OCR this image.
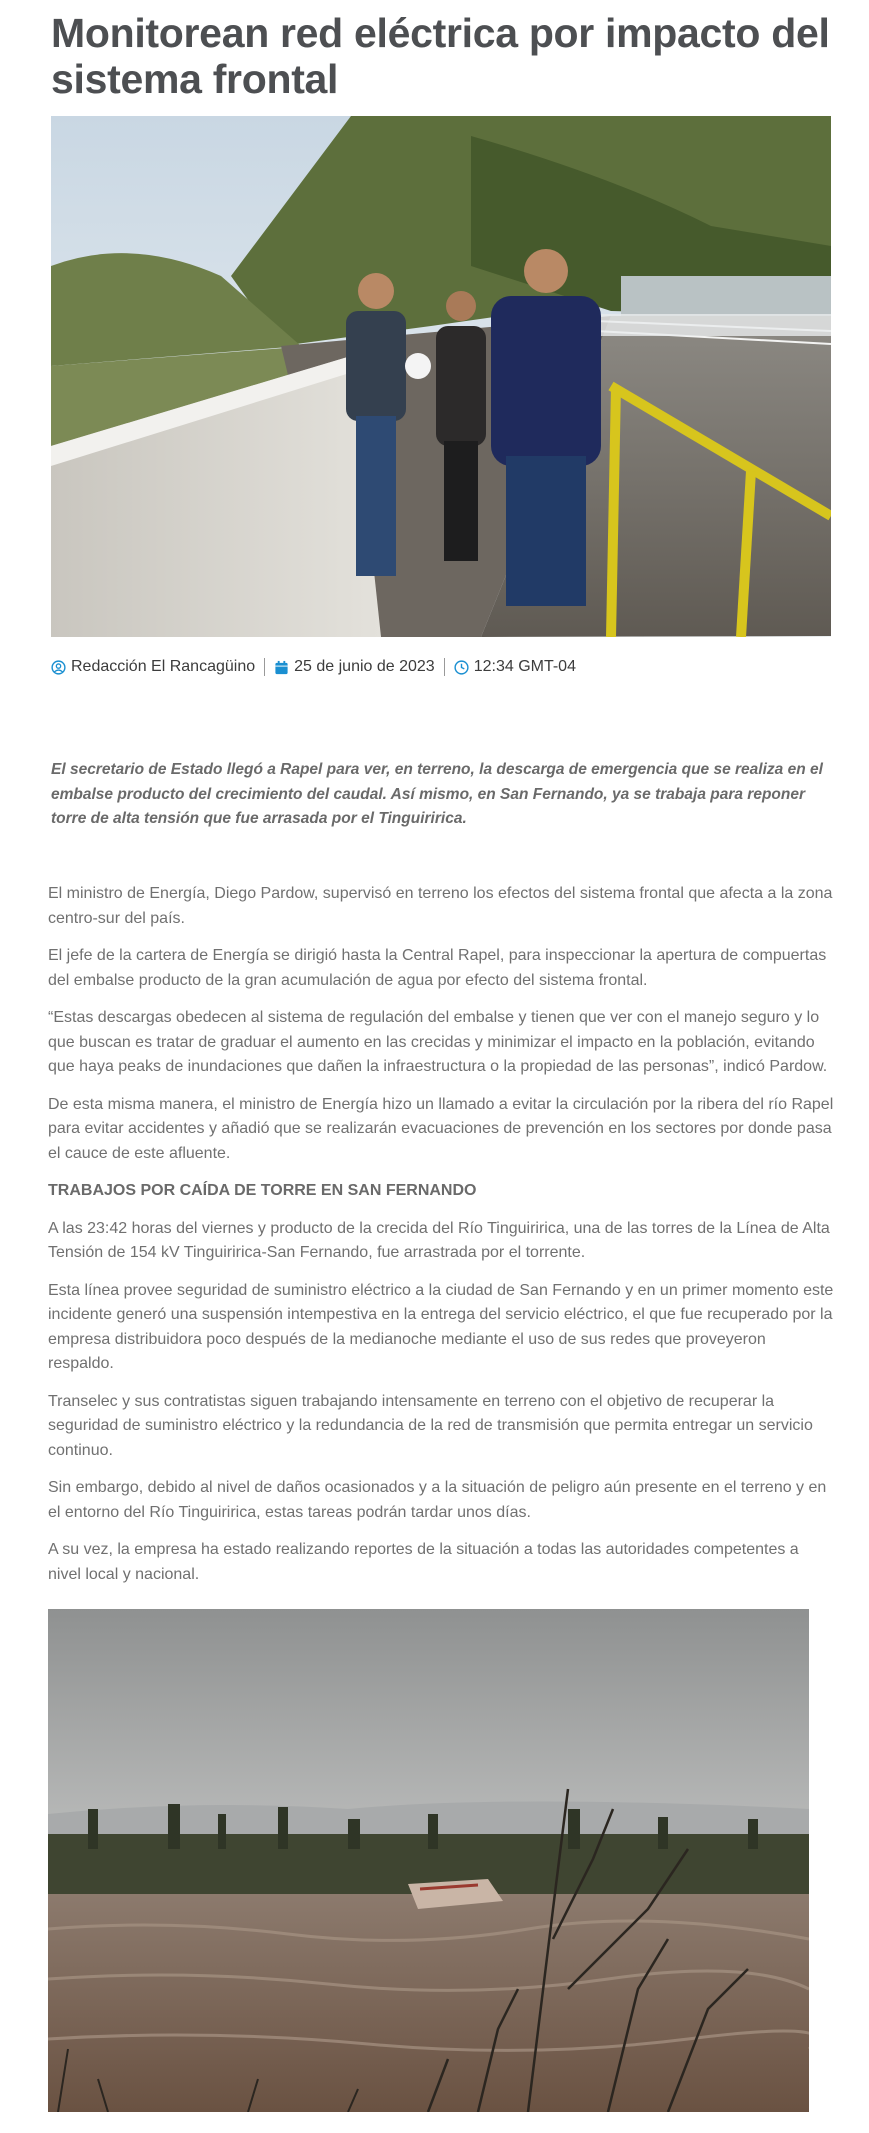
Monitorean red eléctrica por impacto del sistema frontal
Redacción El Rancagüino 25 de junio de 2023 12:34 GMT-04

El secretario de Estado llegó a Rapel para ver, en terreno, la descarga de emergencia que se realiza en el embalse producto del crecimiento del caudal. Así mismo, en San Fernando, ya se trabaja para reponer torre de alta tensión que fue arrasada por el Tinguiririca.

El ministro de Energía, Diego Pardow, supervisó en terreno los efectos del sistema frontal que afecta a la zona centro-sur del país.

El jefe de la cartera de Energía se dirigió hasta la Central Rapel, para inspeccionar la apertura de compuertas del embalse producto de la gran acumulación de agua por efecto del sistema frontal.

“Estas descargas obedecen al sistema de regulación del embalse y tienen que ver con el manejo seguro y lo que buscan es tratar de graduar el aumento en las crecidas y minimizar el impacto en la población, evitando que haya peaks de inundaciones que dañen la infraestructura o la propiedad de las personas”, indicó Pardow.

De esta misma manera, el ministro de Energía hizo un llamado a evitar la circulación por la ribera del río Rapel para evitar accidentes y añadió que se realizarán evacuaciones de prevención en los sectores por donde pasa el cauce de este afluente.

TRABAJOS POR CAÍDA DE TORRE EN SAN FERNANDO

A las 23:42 horas del viernes y producto de la crecida del Río Tinguiririca, una de las torres de la Línea de Alta Tensión de 154 kV Tinguiririca-San Fernando, fue arrastrada por el torrente.

Esta línea provee seguridad de suministro eléctrico a la ciudad de San Fernando y en un primer momento este incidente generó una suspensión intempestiva en la entrega del servicio eléctrico, el que fue recuperado por la empresa distribuidora poco después de la medianoche mediante el uso de sus redes que proveyeron respaldo.

Transelec y sus contratistas siguen trabajando intensamente en terreno con el objetivo de recuperar la seguridad de suministro eléctrico y la redundancia de la red de transmisión que permita entregar un servicio continuo.

Sin embargo, debido al nivel de daños ocasionados y a la situación de peligro aún presente en el terreno y en el entorno del Río Tinguiririca, estas tareas podrán tardar unos días.

A su vez, la empresa ha estado realizando reportes de la situación a todas las autoridades competentes a nivel local y nacional.
